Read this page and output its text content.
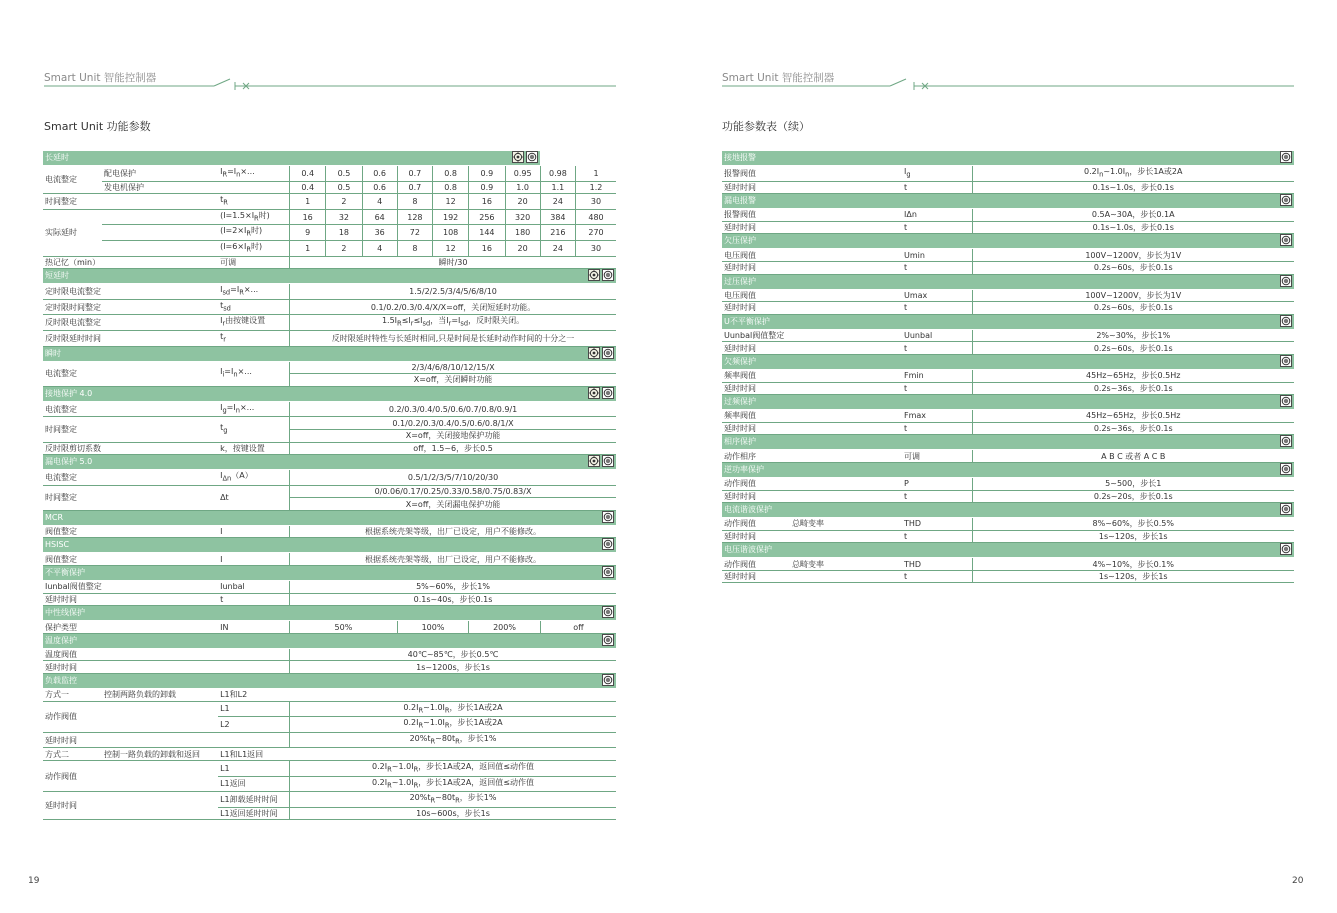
Smart Unit 智能控制器
Smart Unit 功能参数
长延时											
电流整定	配电保护	$I_R=I_n\times$...	0.4	0.5	0.6	0.7	0.8	0.9	0.95	0.98	1
	发电机保护		0.4	0.5	0.6	0.7	0.8	0.9	1.0	1.1	1.2
时间整定		$t_R$	1	2	4	8	12	16	20	24	30
实际延时		($I=1.5\times I_R$时)	16	32	64	128	192	256	320	384	480
		($I=2\times I_R$时)	9	18	36	72	108	144	180	216	270
		($I=6\times I_R$时)	1	2	4	8	12	16	20	24	30
热记忆（min）		可调	瞬时/30								

短延时											
定时限电流整定		$I_{sd}=I_R\times$...	1.5/2/2.5/3/4/5/6/8/10								
定时限时间整定		$t_{sd}$	0.1/0.2/0.3/0.4/X/X=off，关闭短延时功能。								
反时限电流整定		$I_r$由按键设置	$1.5I_R\le I_r\le I_{sd}$，当$I_r=I_{sd}$，反时限关闭。								
反时限延时时间		$t_r$	反时限延时特性与长延时相同,只是时间是长延时动作时间的十分之一								

瞬时											
电流整定		$I_i=I_n\times$...	2/3/4/6/8/10/12/15/X								
			X=off，关闭瞬时功能								

接地保护 4.0											
电流整定		$I_g=I_n\times$...	0.2/0.3/0.4/0.5/0.6/0.7/0.8/0.9/1								
时间整定		$t_g$	0.1/0.2/0.3/0.4/0.5/0.6/0.8/1/X								
			X=off，关闭接地保护功能								
反时限剪切系数		k，按键设置	off，1.5~6，步长0.5								

漏电保护 5.0											
电流整定		$I_{\Delta n}(A)$	0.5/1/2/3/5/7/10/20/30								
时间整定		Δt	0/0.06/0.17/0.25/0.33/0.58/0.75/0.83/X								
			X=off，关闭漏电保护功能								

MCR											
阀值整定		I	根据系统壳架等级，出厂已设定，用户不能修改。								

HSISC											
阀值整定		I	根据系统壳架等级，出厂已设定，用户不能修改。								

不平衡保护											
Iunbal阀值整定		Iunbal	5%~60%，步长1%								
延时时间		t	0.1s~40s，步长0.1s								

中性线保护											
保护类型		IN	50%			100%		200%		off	

温度保护											
温度阀值			40℃~85℃，步长0.5℃								
延时时间			1s~1200s，步长1s								

负载监控											
方式一	控制两路负载的卸载	L1和L2									
动作阀值		L1	$0.2I_R\sim 1.0I_R$，步长1A或2A								
		L2	$0.2I_R\sim 1.0I_R$，步长1A或2A								
延时时间			$20\%t_R\sim 80t_R$，步长1%								
方式二	控制一路负载的卸载和返回	L1和L1返回									
动作阀值		L1	$0.2I_R\sim 1.0I_R$，步长1A或2A，返回值≤动作值								
		L1返回	$0.2I_R\sim 1.0I_R$，步长1A或2A，返回值≤动作值								
延时时间		L1卸载延时时间	$20\%t_R\sim 80t_R$，步长1%								
		L1返回延时时间	10s~600s，步长1s								
19
Smart Unit 智能控制器
功能参数表（续）
接地报警			
报警阀值		$I_g$	$0.2I_n\sim 1.0I_n$，步长1A或2A
延时时间		t	0.1s~1.0s，步长0.1s

漏电报警			
报警阀值		IΔn	0.5A~30A，步长0.1A
延时时间		t	0.1s~1.0s，步长0.1s

欠压保护			
电压阀值		Umin	100V~1200V，步长为1V
延时时间		t	0.2s~60s，步长0.1s

过压保护			
电压阀值		Umax	100V~1200V，步长为1V
延时时间		t	0.2s~60s，步长0.1s

U不平衡保护			
Uunbal阀值整定		Uunbal	2%~30%，步长1%
延时时间		t	0.2s~60s，步长0.1s

欠频保护			
频率阀值		Fmin	45Hz~65Hz，步长0.5Hz
延时时间		t	0.2s~36s，步长0.1s

过频保护			
频率阀值		Fmax	45Hz~65Hz，步长0.5Hz
延时时间		t	0.2s~36s，步长0.1s

相序保护			
动作相序		可调	A B C 或者 A C B

逆功率保护			
动作阀值		P	5~500，步长1
延时时间		t	0.2s~20s，步长0.1s

电流谐波保护			
动作阀值	总畸变率	THD	8%~60%，步长0.5%
延时时间		t	1s~120s，步长1s

电压谐波保护			
动作阀值	总畸变率	THD	4%~10%，步长0.1%
延时时间		t	1s~120s，步长1s
20
